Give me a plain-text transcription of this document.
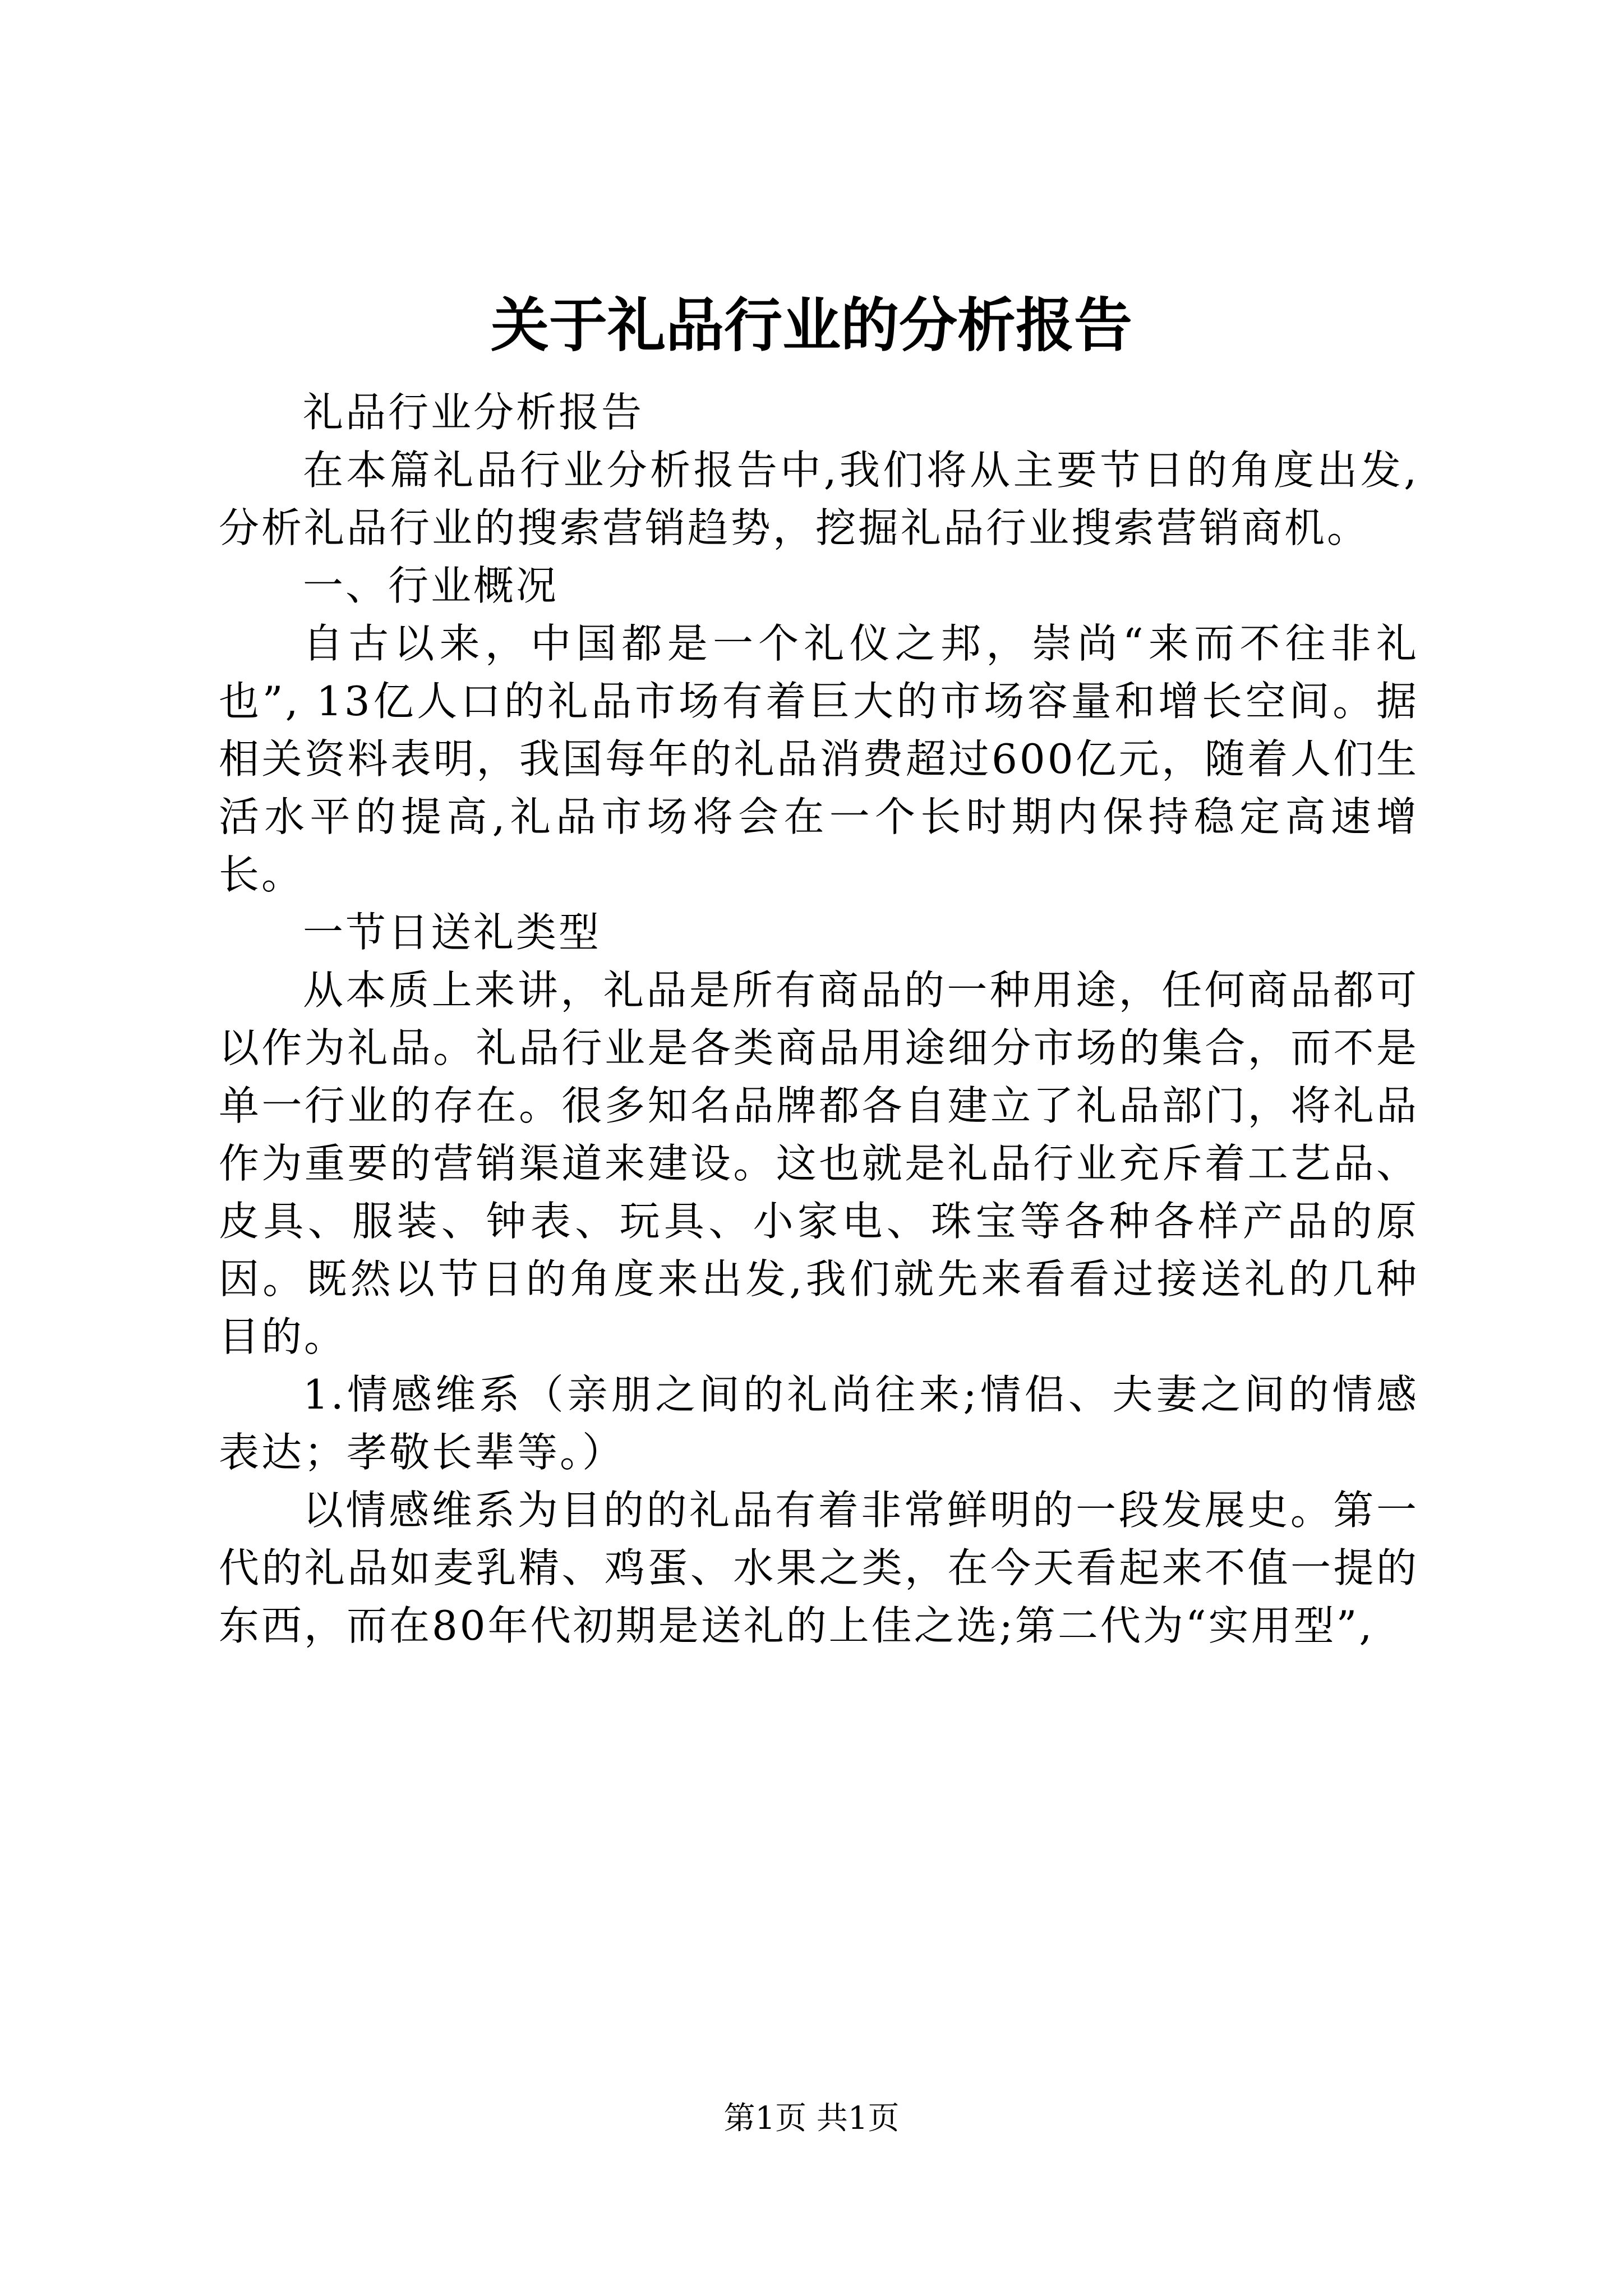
关于礼品行业的分析报告

礼品行业分析报告

在本篇礼品行业分析报告中,我们将从主要节日的角度出发,分析礼品行业的搜索营销趋势，挖掘礼品行业搜索营销商机。

一、行业概况

自古以来，中国都是一个礼仪之邦，崇尚“来而不往非礼也”, 13亿人口的礼品市场有着巨大的市场容量和增长空间。据相关资料表明，我国每年的礼品消费超过600亿元，随着人们生活水平的提高,礼品市场将会在一个长时期内保持稳定高速增长。

一节日送礼类型

从本质上来讲，礼品是所有商品的一种用途，任何商品都可以作为礼品。礼品行业是各类商品用途细分市场的集合，而不是单一行业的存在。很多知名品牌都各自建立了礼品部门，将礼品作为重要的营销渠道来建设。这也就是礼品行业充斥着工艺品、皮具、服装、钟表、玩具、小家电、珠宝等各种各样产品的原因。既然以节日的角度来出发,我们就先来看看过接送礼的几种目的。

1.情感维系（亲朋之间的礼尚往来;情侣、夫妻之间的情感表达；孝敬长辈等。）

以情感维系为目的的礼品有着非常鲜明的一段发展史。第一代的礼品如麦乳精、鸡蛋、水果之类，在今天看起来不值一提的东西，而在80年代初期是送礼的上佳之选;第二代为“实用型”,

第1页 共1页
